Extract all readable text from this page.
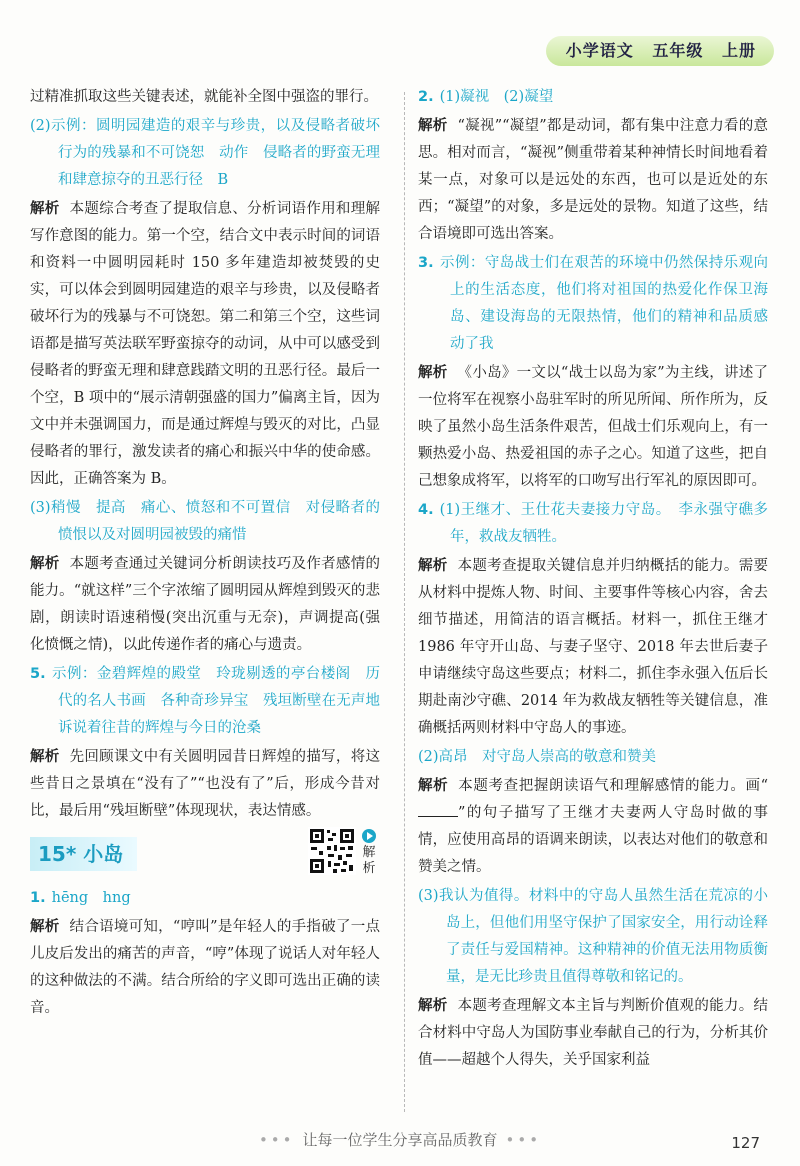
小学语文 五年级 上册

过精准抓取这些关键表述，就能补全图中强盗的罪行。

(2)示例：圆明园建造的艰辛与珍贵，以及侵略者破坏行为的残暴和不可饶恕　动作　侵略者的野蛮无理和肆意掠夺的丑恶行径　B

解析 本题综合考查了提取信息、分析词语作用和理解写作意图的能力。第一个空，结合文中表示时间的词语和资料一中圆明园耗时 150 多年建造却被焚毁的史实，可以体会到圆明园建造的艰辛与珍贵，以及侵略者破坏行为的残暴与不可饶恕。第二和第三个空，这些词语都是描写英法联军野蛮掠夺的动词，从中可以感受到侵略者的野蛮无理和肆意践踏文明的丑恶行径。最后一个空，B 项中的“展示清朝强盛的国力”偏离主旨，因为文中并未强调国力，而是通过辉煌与毁灭的对比，凸显侵略者的罪行，激发读者的痛心和振兴中华的使命感。因此，正确答案为 B。

(3)稍慢　提高　痛心、愤怒和不可置信　对侵略者的愤恨以及对圆明园被毁的痛惜

解析 本题考查通过关键词分析朗读技巧及作者感情的能力。“就这样”三个字浓缩了圆明园从辉煌到毁灭的悲剧，朗读时语速稍慢(突出沉重与无奈)，声调提高(强化愤慨之情)，以此传递作者的痛心与遗责。

5. 示例：金碧辉煌的殿堂　玲珑剔透的亭台楼阁　历代的名人书画　各种奇珍异宝　残垣断壁在无声地诉说着往昔的辉煌与今日的沧桑

解析 先回顾课文中有关圆明园昔日辉煌的描写，将这些昔日之景填在“没有了”“也没有了”后，形成今昔对比，最后用“残垣断壁”体现现状，表达情感。

15* 小岛	解析

1. hēng　hng

解析 结合语境可知，“哼叫”是年轻人的手指破了一点儿皮后发出的痛苦的声音，“哼”体现了说话人对年轻人的这种做法的不满。结合所给的字义即可选出正确的读音。

2. (1)凝视　(2)凝望

解析 “凝视”“凝望”都是动词，都有集中注意力看的意思。相对而言，“凝视”侧重带着某种神情长时间地看着某一点，对象可以是远处的东西，也可以是近处的东西；“凝望”的对象，多是远处的景物。知道了这些，结合语境即可选出答案。

3. 示例：守岛战士们在艰苦的环境中仍然保持乐观向上的生活态度，他们将对祖国的热爱化作保卫海岛、建设海岛的无限热情，他们的精神和品质感动了我

解析 《小岛》一文以“战士以岛为家”为主线，讲述了一位将军在视察小岛驻军时的所见所闻、所作所为，反映了虽然小岛生活条件艰苦，但战士们乐观向上，有一颗热爱小岛、热爱祖国的赤子之心。知道了这些，把自己想象成将军，以将军的口吻写出行军礼的原因即可。

4. (1)王继才、王仕花夫妻接力守岛。　李永强守礁多年，救战友牺牲。

解析 本题考查提取关键信息并归纳概括的能力。需要从材料中提炼人物、时间、主要事件等核心内容，舍去细节描述，用简洁的语言概括。材料一，抓住王继才 1986 年守开山岛、与妻子坚守、2018 年去世后妻子申请继续守岛这些要点；材料二，抓住李永强入伍后长期赴南沙守礁、2014 年为救战友牺牲等关键信息，准确概括两则材料中守岛人的事迹。

(2)高昂　对守岛人崇高的敬意和赞美

解析 本题考查把握朗读语气和理解感情的能力。画“”的句子描写了王继才夫妻两人守岛时做的事情，应使用高昂的语调来朗读，以表达对他们的敬意和赞美之情。

(3)我认为值得。材料中的守岛人虽然生活在荒凉的小岛上，但他们用坚守保护了国家安全，用行动诠释了责任与爱国精神。这种精神的价值无法用物质衡量，是无比珍贵且值得尊敬和铭记的。

解析 本题考查理解文本主旨与判断价值观的能力。结合材料中守岛人为国防事业奉献自己的行为，分析其价值——超越个人得失，关乎国家利益

••• 让每一位学生分享高品质教育 •••	127
